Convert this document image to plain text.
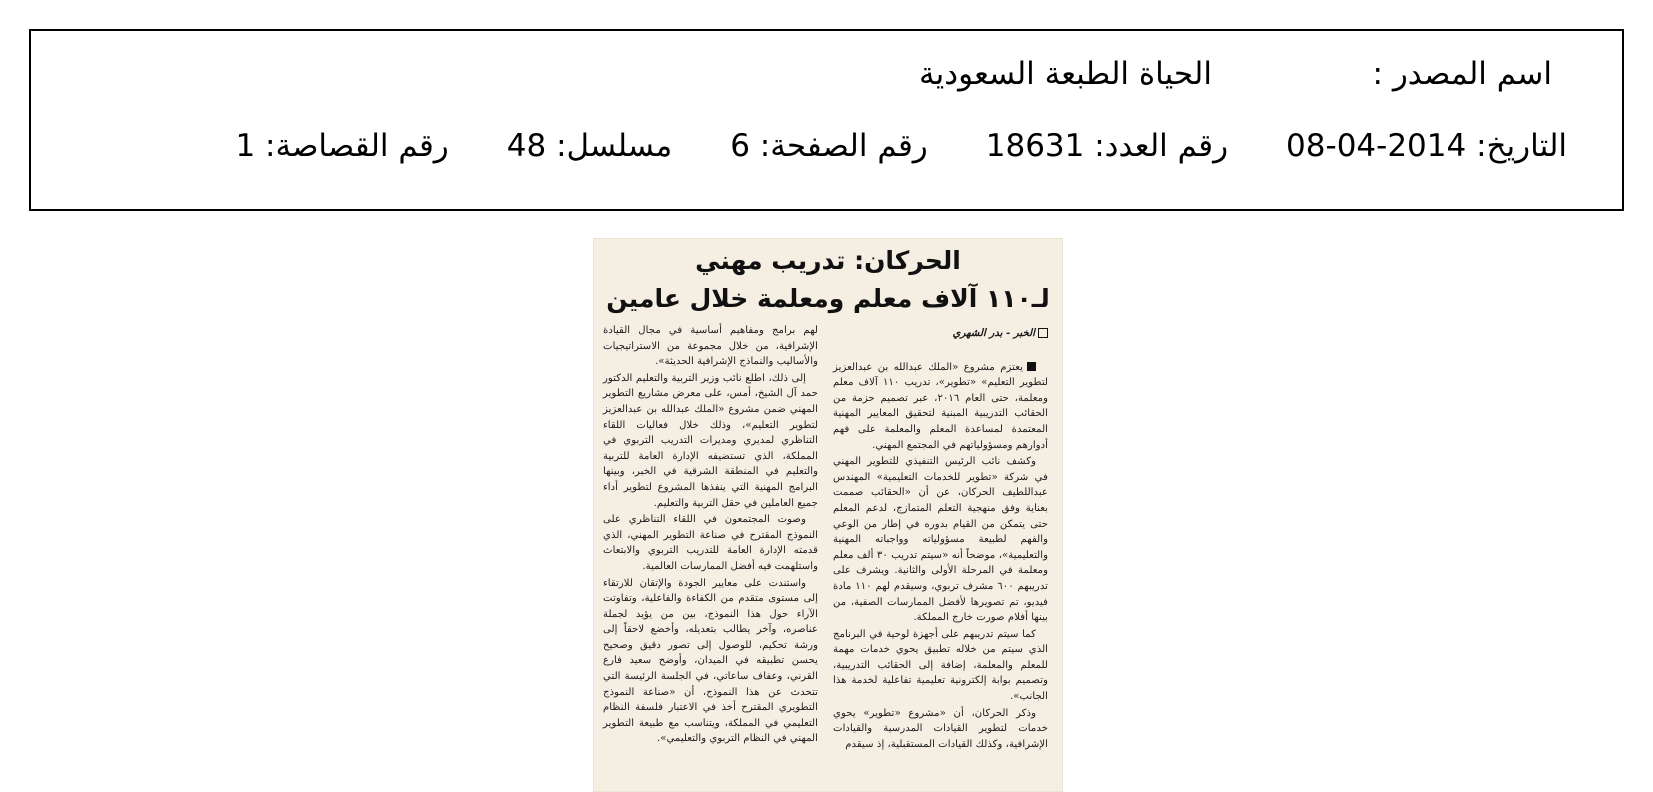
اسم المصدر :
الحياة الطبعة السعودية
التاريخ: 2014-04-08
رقم العدد: 18631
رقم الصفحة: 6
مسلسل: 48
رقم القصاصة: 1
الحركان: تدريب مهني
لـ١١٠ آلاف معلم ومعلمة خلال عامين
الخبر - بدر الشهري

يعتزم مشروع «الملك عبدالله بن عبدالعزيز لتطوير التعليم» «تطوير»، تدريب ١١٠ آلاف معلم ومعلمة، حتى العام ٢٠١٦، عبر تصميم حزمة من الحقائب التدريبية المبنية لتحقيق المعايير المهنية المعتمدة لمساعدة المعلم والمعلمة على فهم أدوارهم ومسؤولياتهم في المجتمع المهني.

وكشف نائب الرئيس التنفيذي للتطوير المهني في شركة «تطوير للخدمات التعليمية» المهندس عبداللطيف الحركان، عن أن «الحقائب صممت بعناية وفق منهجية التعلم المتمازج، لدعم المعلم حتى يتمكن من القيام بدوره في إطار من الوعي والفهم لطبيعة مسؤولياته وواجباته المهنية والتعليمية»، موضحاً أنه «سيتم تدريب ٣٠ ألف معلم ومعلمة في المرحلة الأولى والثانية. ويشرف على تدريبهم ٦٠٠ مشرف تربوي، وسيقدم لهم ١١٠ مادة فيديو، تم تصويرها لأفضل الممارسات الصفية، من بينها أفلام صورت خارج المملكة.

كما سيتم تدريبهم على أجهزة لوحية في البرنامج الذي سيتم من خلاله تطبيق يحوي خدمات مهمة للمعلم والمعلمة، إضافة إلى الحقائب التدريبية، وتصميم بوابة إلكترونية تعليمية تفاعلية لخدمة هذا الجانب».

وذكر الحركان، أن «مشروع «تطوير» يحوي خدمات لتطوير القيادات المدرسية والقيادات الإشرافية، وكذلك القيادات المستقبلية، إذ سيقدم

لهم برامج ومفاهيم أساسية في مجال القيادة الإشرافية، من خلال مجموعة من الاستراتيجيات والأساليب والنماذج الإشرافية الحديثة».

إلى ذلك، اطلع نائب وزير التربية والتعليم الدكتور حمد آل الشيخ، أمس، على معرض مشاريع التطوير المهني ضمن مشروع «الملك عبدالله بن عبدالعزيز لتطوير التعليم»، وذلك خلال فعاليات اللقاء التناظري لمديري ومديرات التدريب التربوي في المملكة، الذي تستضيفه الإدارة العامة للتربية والتعليم في المنطقة الشرقية في الخبر، وبينها البرامج المهنية التي ينفذها المشروع لتطوير أداء جميع العاملين في حقل التربية والتعليم.

وصوت المجتمعون في اللقاء التناظري على النموذج المقترح في صناعة التطوير المهني، الذي قدمته الإدارة العامة للتدريب التربوي والابتعاث واستلهمت فيه أفضل الممارسات العالمية.

واستندت على معايير الجودة والإتقان للارتقاء إلى مستوى متقدم من الكفاءة والفاعلية، وتفاوتت الآراء حول هذا النموذج، بين من يؤيد لجملة عناصره، وآخر يطالب بتعديله، وأخضع لاحقاً إلى ورشة تحكيم، للوصول إلى تصور دقيق وصحيح يحسن تطبيقه في الميدان، وأوضح سعيد فارع القرني، وعفاف ساعاتي، في الجلسة الرئيسة التي تتحدث عن هذا النموذج، أن «صناعة النموذج التطويري المقترح أخذ في الاعتبار فلسفة النظام التعليمي في المملكة، ويتناسب مع طبيعة التطوير المهني في النظام التربوي والتعليمي».
